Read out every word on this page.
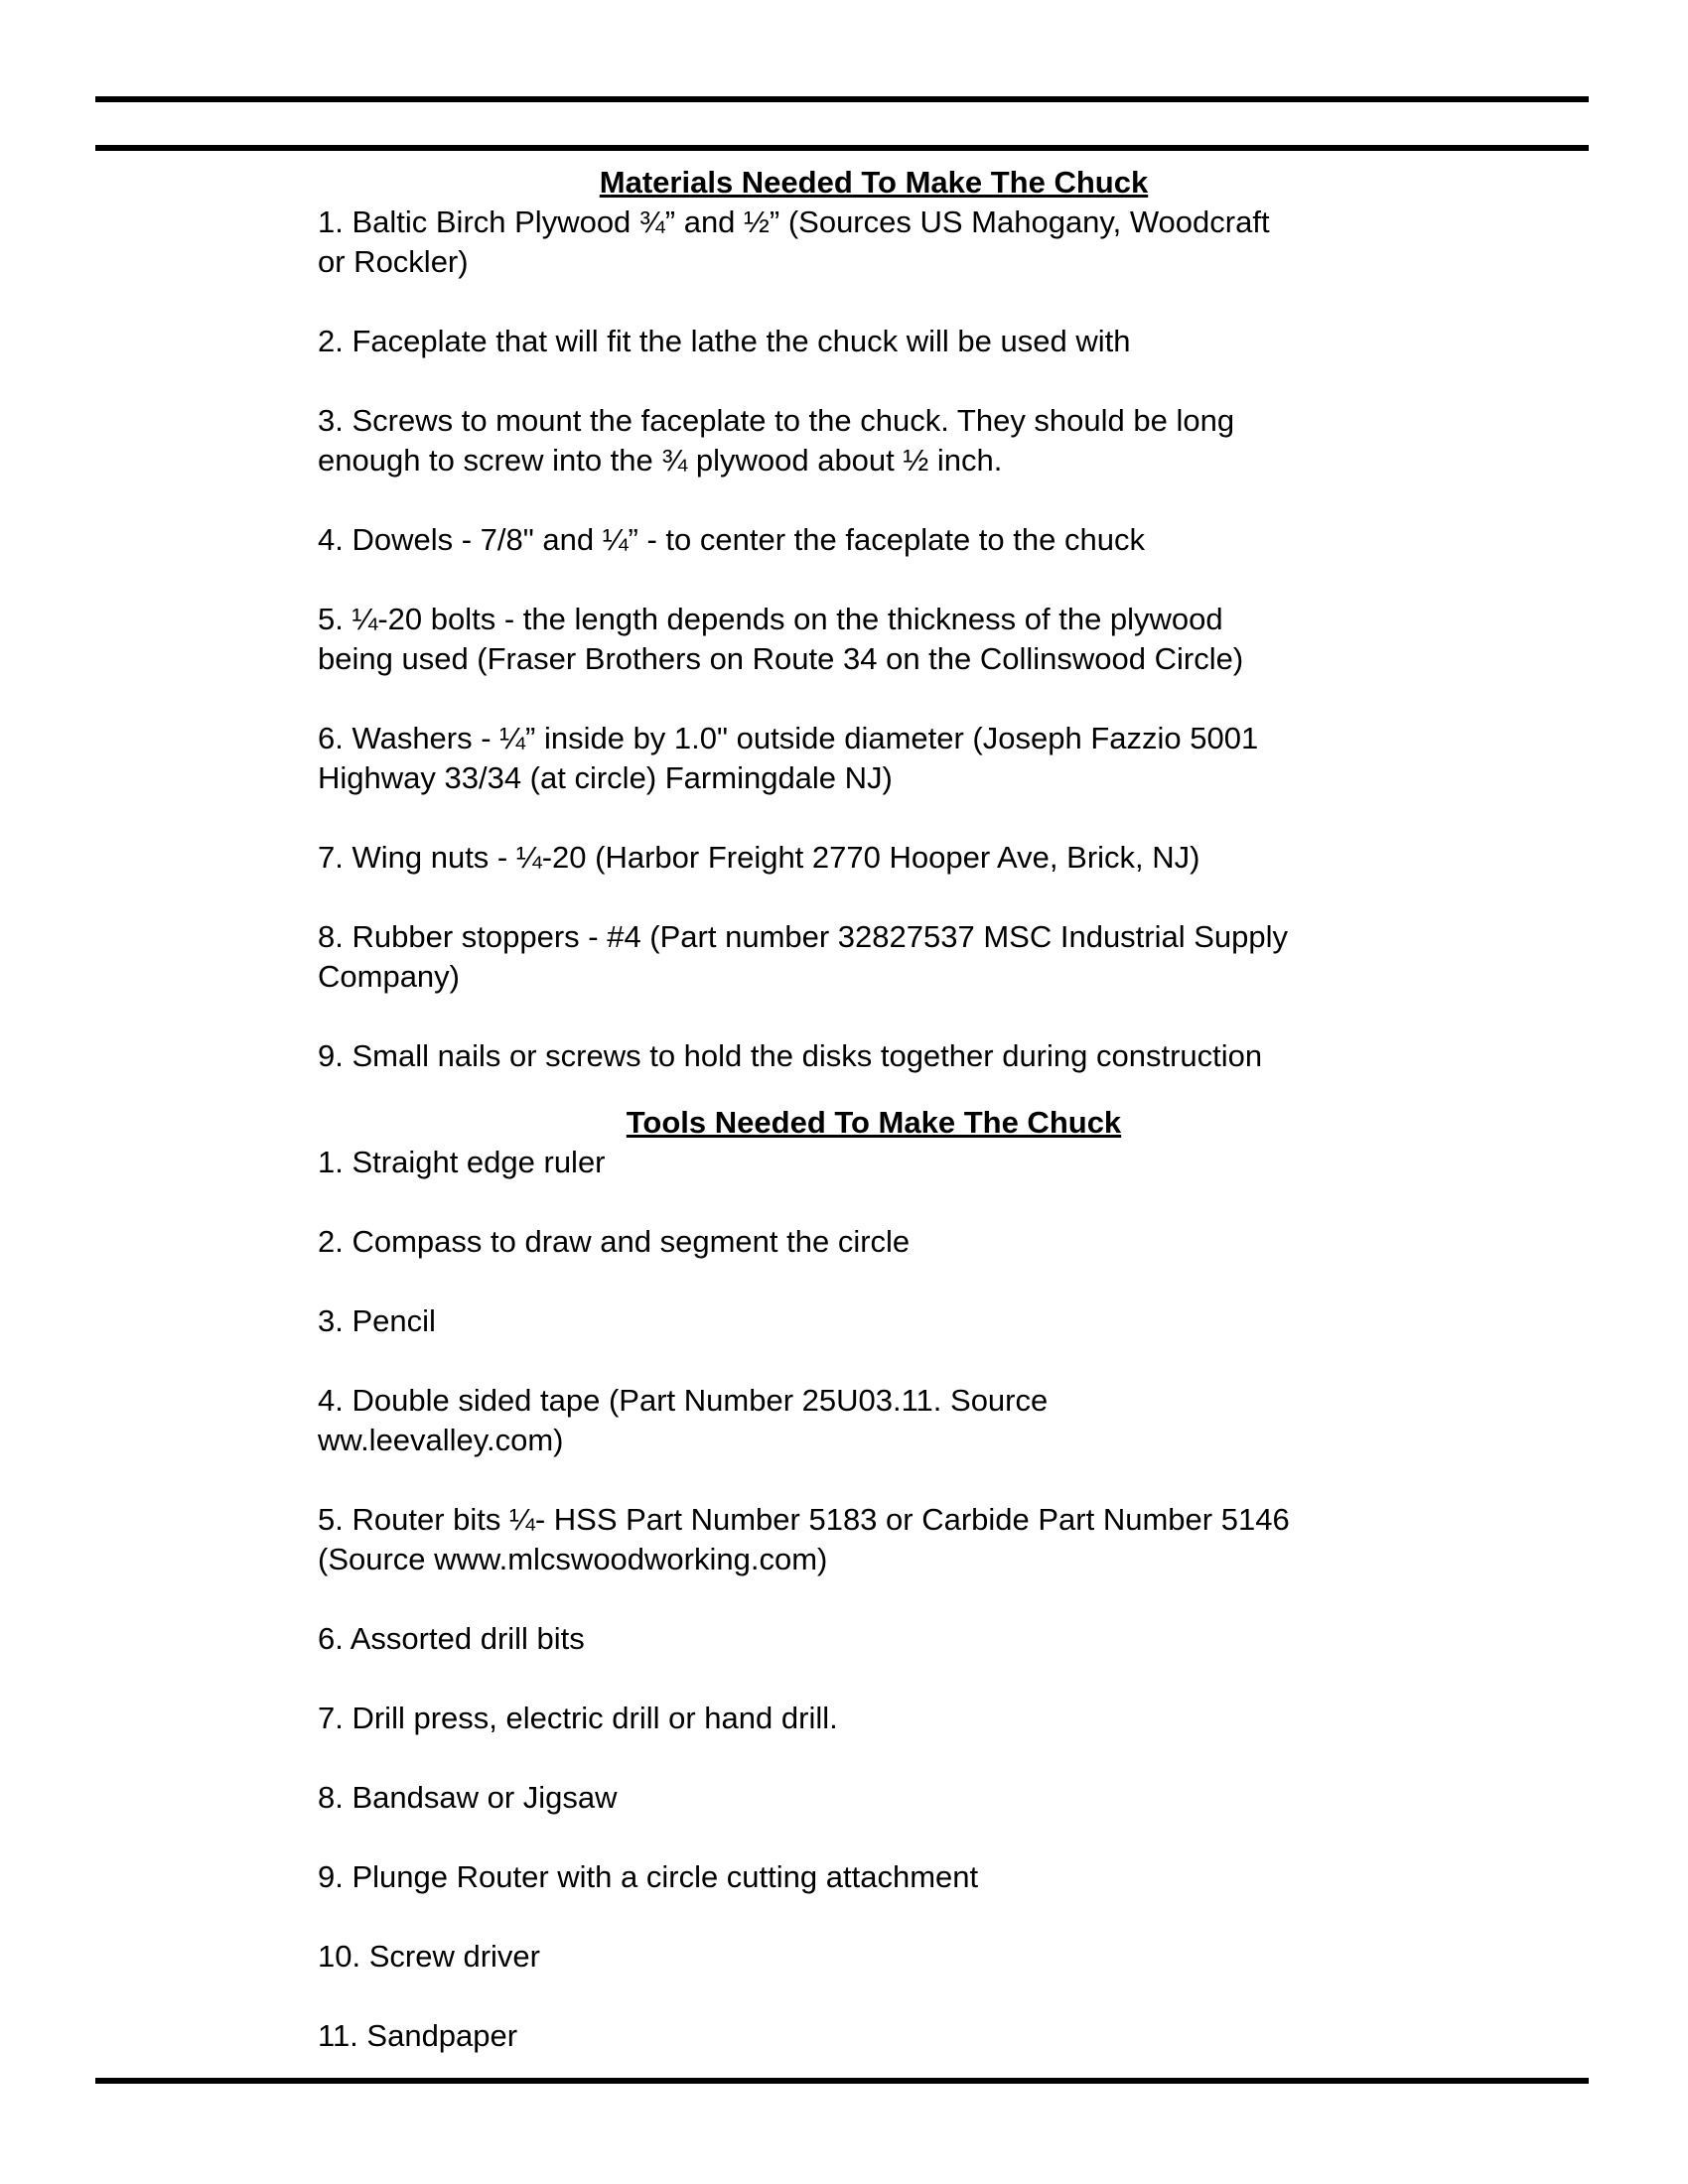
Materials Needed To Make The Chuck

1. Baltic Birch Plywood ¾” and ½” (Sources US Mahogany, Woodcraft
or Rockler)

2. Faceplate that will fit the lathe the chuck will be used with

3. Screws to mount the faceplate to the chuck. They should be long
enough to screw into the ¾ plywood about ½ inch.

4. Dowels - 7/8" and ¼” - to center the faceplate to the chuck

5. ¼-20 bolts - the length depends on the thickness of the plywood
being used (Fraser Brothers on Route 34 on the Collinswood Circle)

6. Washers - ¼” inside by 1.0" outside diameter (Joseph Fazzio 5001
Highway 33/34 (at circle) Farmingdale NJ)

7. Wing nuts - ¼-20 (Harbor Freight 2770 Hooper Ave, Brick, NJ)

8. Rubber stoppers - #4 (Part number 32827537 MSC Industrial Supply
Company)

9. Small nails or screws to hold the disks together during construction

Tools Needed To Make The Chuck

1. Straight edge ruler

2. Compass to draw and segment the circle

3. Pencil

4. Double sided tape (Part Number 25U03.11. Source
ww.leevalley.com)

5. Router bits ¼- HSS Part Number 5183 or Carbide Part Number 5146
(Source www.mlcswoodworking.com)

6. Assorted drill bits

7. Drill press, electric drill or hand drill.

8. Bandsaw or Jigsaw

9. Plunge Router with a circle cutting attachment

10. Screw driver

11. Sandpaper
